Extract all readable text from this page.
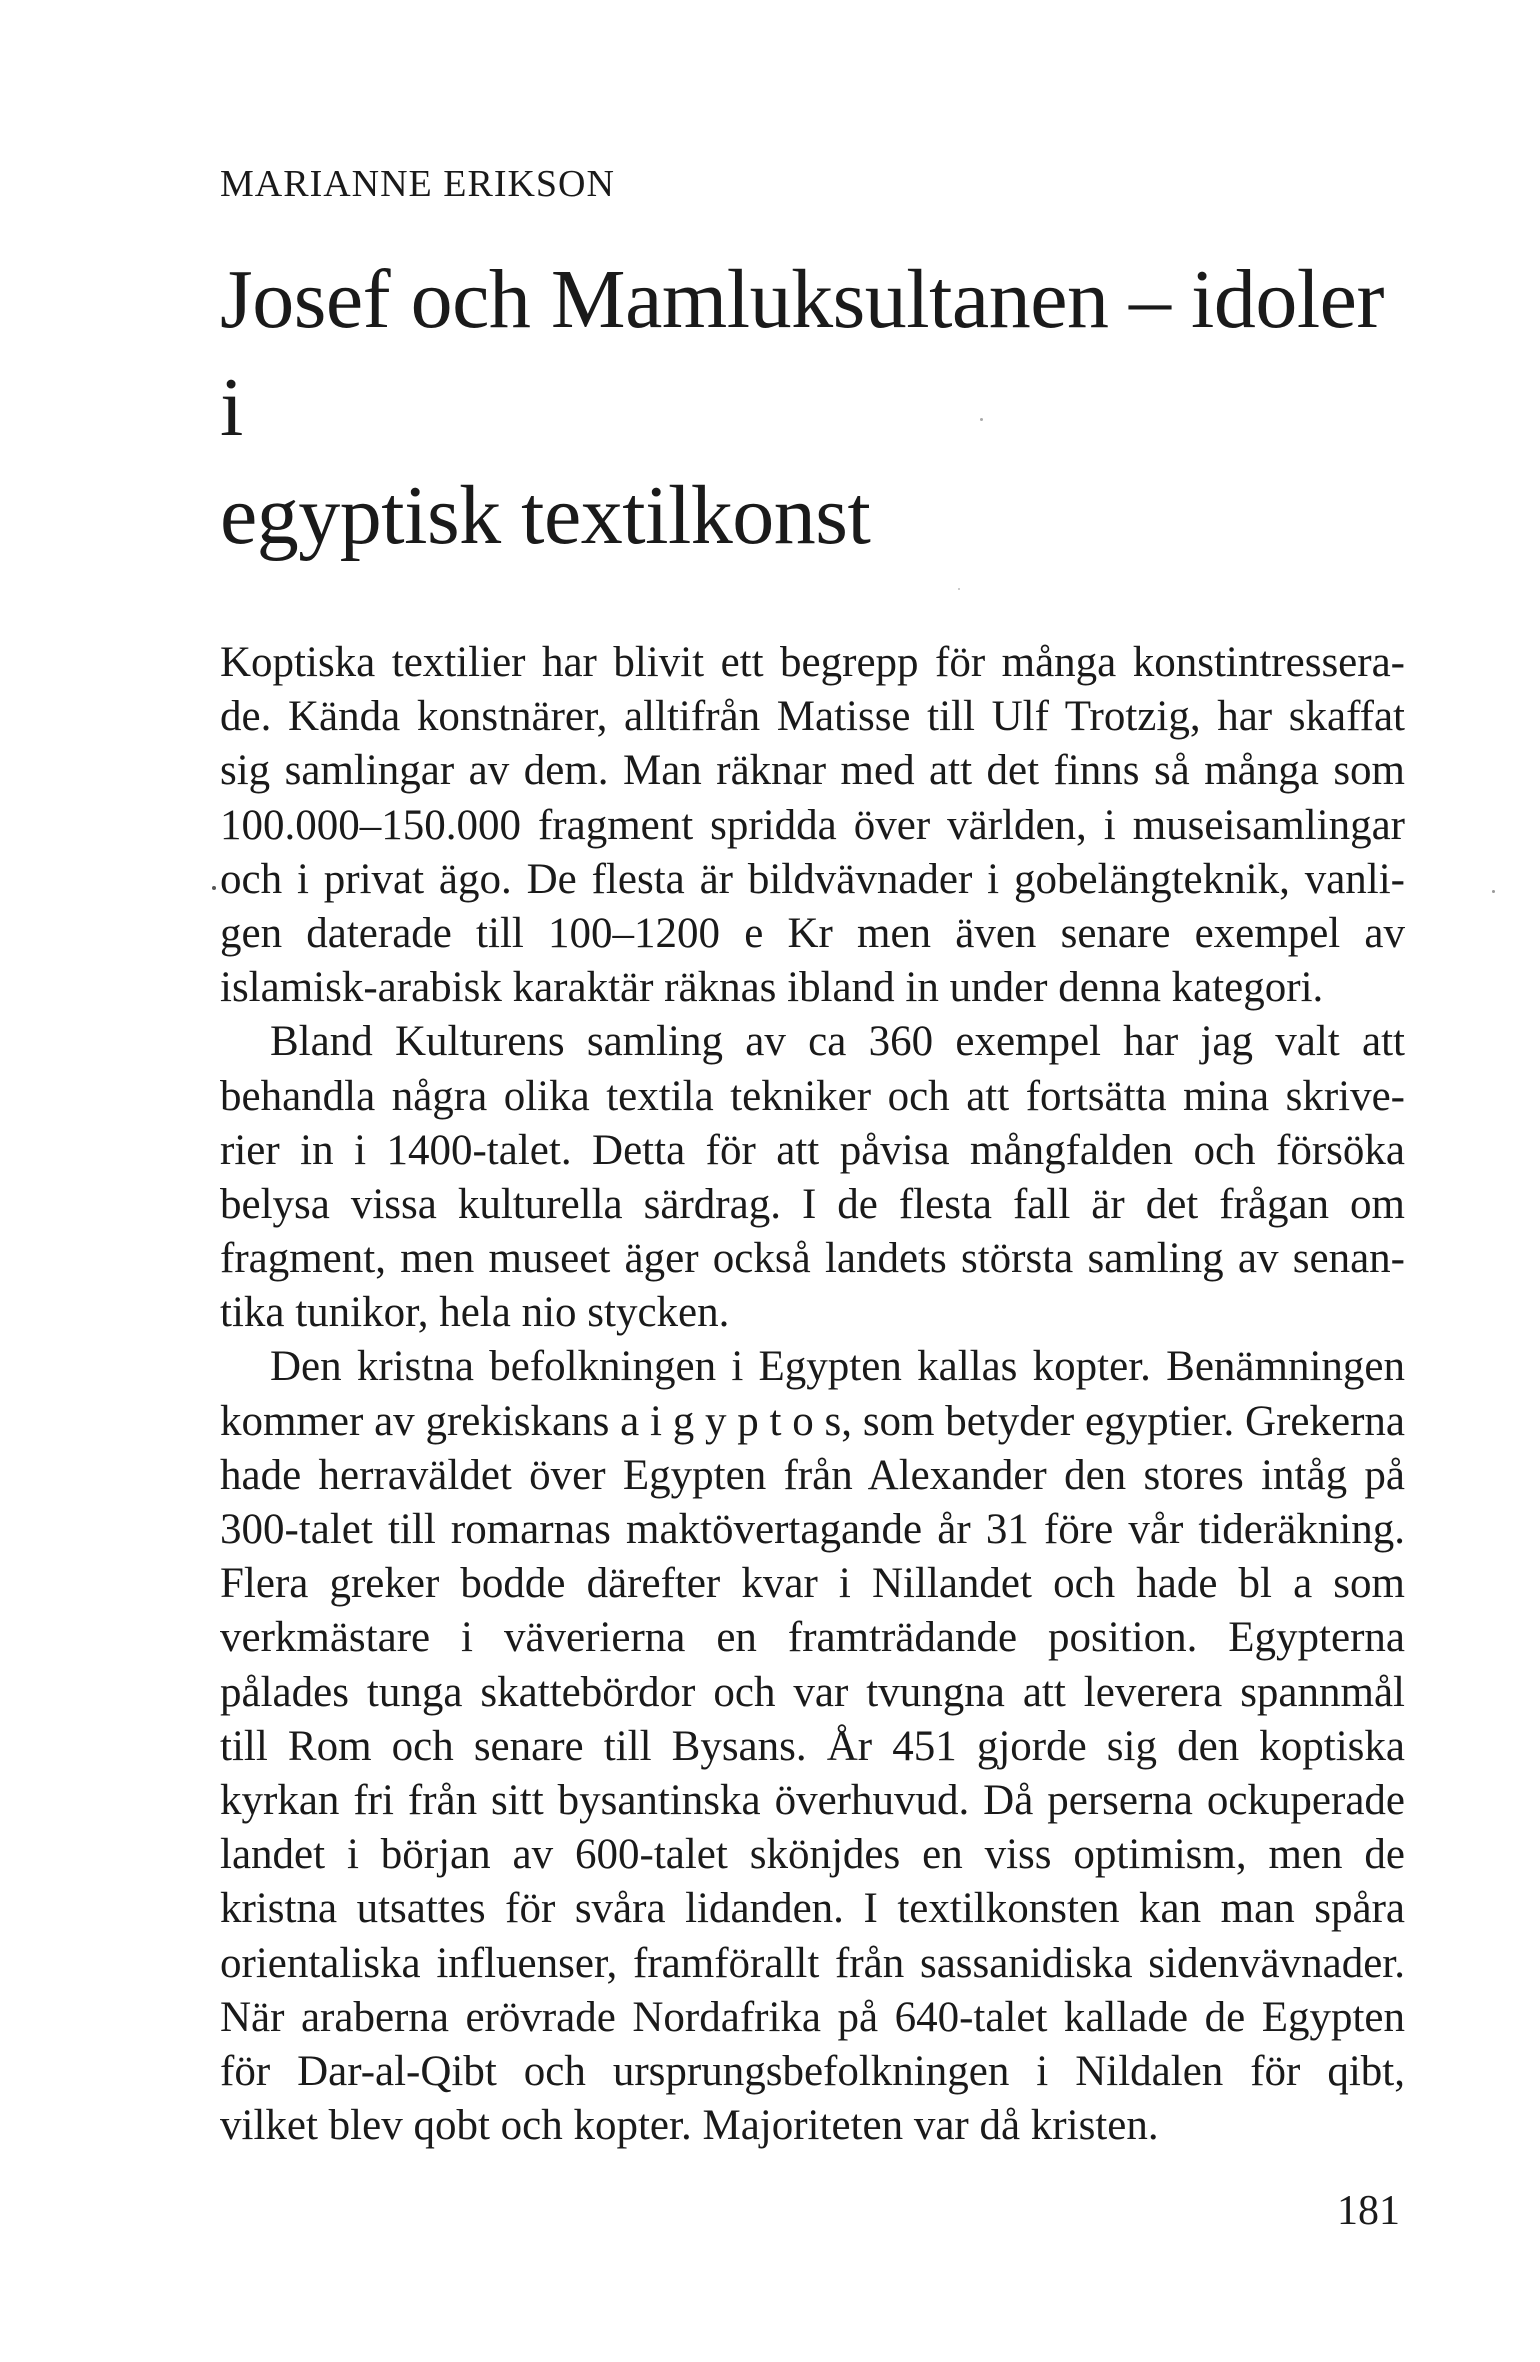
MARIANNE ERIKSON
Josef och Mamluksultanen – idoler i
egyptisk textilkonst
Koptiska textilier har blivit ett begrepp för många konstintressera-
de. Kända konstnärer, alltifrån Matisse till Ulf Trotzig, har skaffat
sig samlingar av dem. Man räknar med att det finns så många som
100.000–150.000 fragment spridda över världen, i museisamlingar
och i privat ägo. De flesta är bildvävnader i gobelängteknik, vanli-
gen daterade till 100–1200 e Kr men även senare exempel av
islamisk-arabisk karaktär räknas ibland in under denna kategori.
Bland Kulturens samling av ca 360 exempel har jag valt att
behandla några olika textila tekniker och att fortsätta mina skrive-
rier in i 1400-talet. Detta för att påvisa mångfalden och försöka
belysa vissa kulturella särdrag. I de flesta fall är det frågan om
fragment, men museet äger också landets största samling av senan-
tika tunikor, hela nio stycken.
Den kristna befolkningen i Egypten kallas kopter. Benämningen
kommer av grekiskans a i g y p t o s, som betyder egyptier. Grekerna
hade herraväldet över Egypten från Alexander den stores intåg på
300-talet till romarnas maktövertagande år 31 före vår tideräkning.
Flera greker bodde därefter kvar i Nillandet och hade bl a som
verkmästare i väverierna en framträdande position. Egypterna
pålades tunga skattebördor och var tvungna att leverera spannmål
till Rom och senare till Bysans. År 451 gjorde sig den koptiska
kyrkan fri från sitt bysantinska överhuvud. Då perserna ockuperade
landet i början av 600-talet skönjdes en viss optimism, men de
kristna utsattes för svåra lidanden. I textilkonsten kan man spåra
orientaliska influenser, framförallt från sassanidiska sidenvävnader.
När araberna erövrade Nordafrika på 640-talet kallade de Egypten
för Dar-al-Qibt och ursprungsbefolkningen i Nildalen för qibt,
vilket blev qobt och kopter. Majoriteten var då kristen.
181
